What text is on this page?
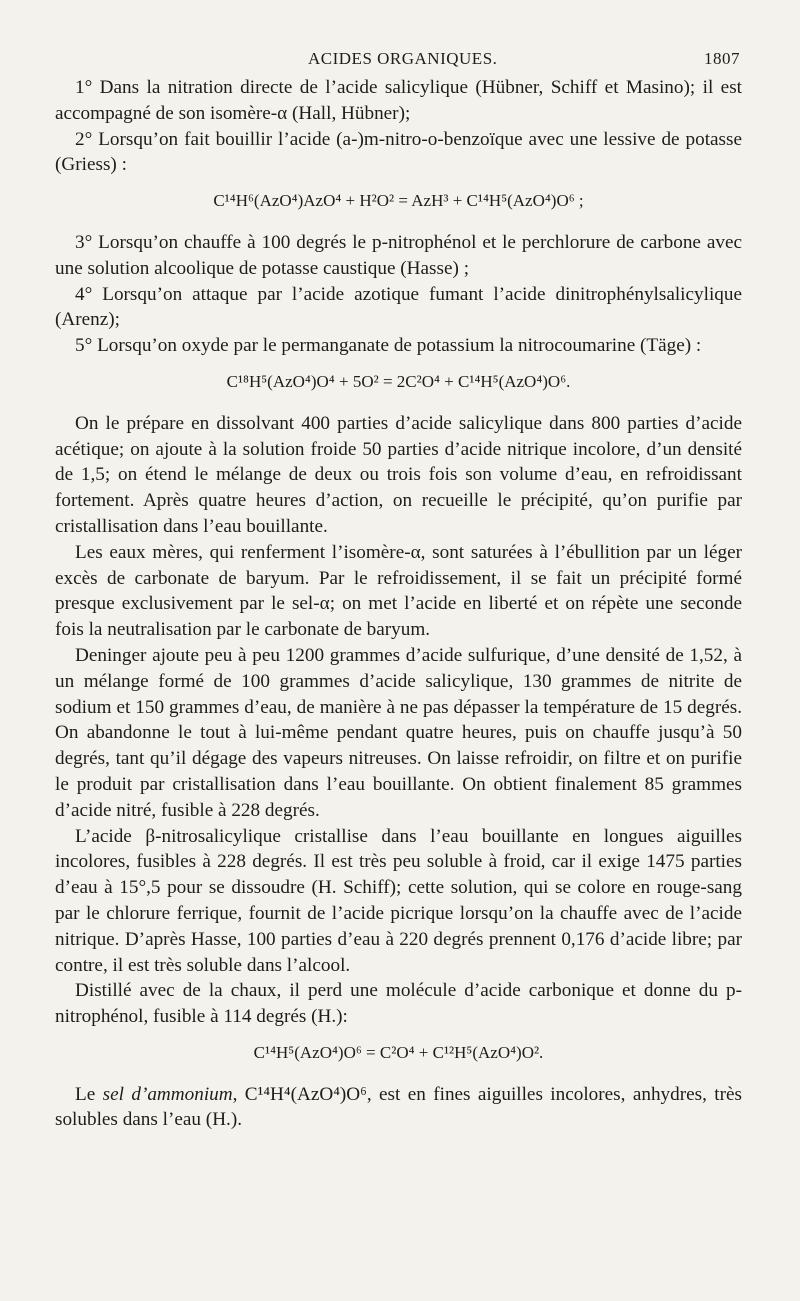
ACIDES ORGANIQUES.	1807

1° Dans la nitration directe de l’acide salicylique (Hübner, Schiff et Masino); il est accompagné de son isomère-α (Hall, Hübner);

2° Lorsqu’on fait bouillir l’acide (a-)m-nitro-o-benzoïque avec une lessive de potasse (Griess) :

C¹⁴H⁶(AzO⁴)AzO⁴ + H²O² = AzH³ + C¹⁴H⁵(AzO⁴)O⁶ ;

3° Lorsqu’on chauffe à 100 degrés le p-nitrophénol et le perchlorure de carbone avec une solution alcoolique de potasse caustique (Hasse) ;

4° Lorsqu’on attaque par l’acide azotique fumant l’acide dinitrophénylsalicylique (Arenz);

5° Lorsqu’on oxyde par le permanganate de potassium la nitrocoumarine (Täge) :

C¹⁸H⁵(AzO⁴)O⁴ + 5O² = 2C²O⁴ + C¹⁴H⁵(AzO⁴)O⁶.

On le prépare en dissolvant 400 parties d’acide salicylique dans 800 parties d’acide acétique; on ajoute à la solution froide 50 parties d’acide nitrique incolore, d’un densité de 1,5; on étend le mélange de deux ou trois fois son volume d’eau, en refroidissant fortement. Après quatre heures d’action, on recueille le précipité, qu’on purifie par cristallisation dans l’eau bouillante.

Les eaux mères, qui renferment l’isomère-α, sont saturées à l’ébullition par un léger excès de carbonate de baryum. Par le refroidissement, il se fait un précipité formé presque exclusivement par le sel-α; on met l’acide en liberté et on répète une seconde fois la neutralisation par le carbonate de baryum.

Deninger ajoute peu à peu 1200 grammes d’acide sulfurique, d’une densité de 1,52, à un mélange formé de 100 grammes d’acide salicylique, 130 grammes de nitrite de sodium et 150 grammes d’eau, de manière à ne pas dépasser la température de 15 degrés. On abandonne le tout à lui-même pendant quatre heures, puis on chauffe jusqu’à 50 degrés, tant qu’il dégage des vapeurs nitreuses. On laisse refroidir, on filtre et on purifie le produit par cristallisation dans l’eau bouillante. On obtient finalement 85 grammes d’acide nitré, fusible à 228 degrés.

L’acide β-nitrosalicylique cristallise dans l’eau bouillante en longues aiguilles incolores, fusibles à 228 degrés. Il est très peu soluble à froid, car il exige 1475 parties d’eau à 15°,5 pour se dissoudre (H. Schiff); cette solution, qui se colore en rouge-sang par le chlorure ferrique, fournit de l’acide picrique lorsqu’on la chauffe avec de l’acide nitrique. D’après Hasse, 100 parties d’eau à 220 degrés prennent 0,176 d’acide libre; par contre, il est très soluble dans l’alcool.

Distillé avec de la chaux, il perd une molécule d’acide carbonique et donne du p-nitrophénol, fusible à 114 degrés (H.):

C¹⁴H⁵(AzO⁴)O⁶ = C²O⁴ + C¹²H⁵(AzO⁴)O².

Le sel d’ammonium, C¹⁴H⁴(AzO⁴)O⁶, est en fines aiguilles incolores, anhydres, très solubles dans l’eau (H.).
